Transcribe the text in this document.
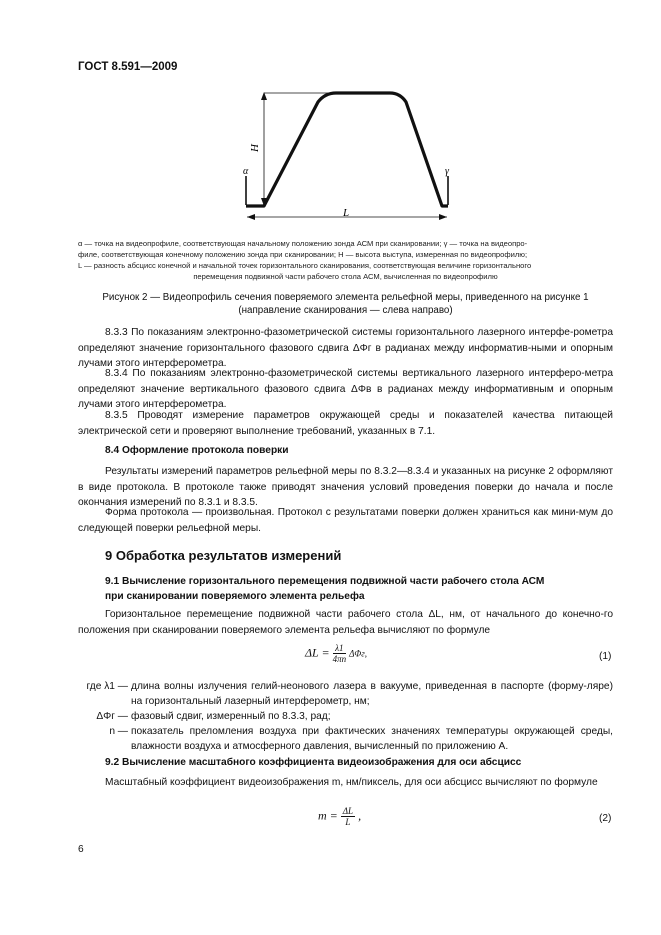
ГОСТ 8.591—2009
H
L
α	γ
α — точка на видеопрофиле, соответствующая начальному положению зонда АСМ при сканировании; γ — точка на видеопро-
филе, соответствующая конечному положению зонда при сканировании; H — высота выступа, измеренная по видеопрофилю;
L — разность абсцисс конечной и начальной точек горизонтального сканирования, соответствующая величине горизонтального
перемещения подвижной части рабочего стола АСМ, вычисленная по видеопрофилю
Рисунок 2 — Видеопрофиль сечения поверяемого элемента рельефной меры, приведенного на рисунке 1
(направление сканирования — слева направо)
8.3.3 По показаниям электронно-фазометрической системы горизонтального лазерного интерфе-рометра определяют значение горизонтального фазового сдвига ΔΦг в радианах между информатив-ными и опорным лучами этого интерферометра.
8.3.4 По показаниям электронно-фазометрической системы вертикального лазерного интерферо-метра определяют значение вертикального фазового сдвига ΔΦв в радианах между информативным и опорным лучами этого интерферометра.
8.3.5 Проводят измерение параметров окружающей среды и показателей качества питающей электрической сети и проверяют выполнение требований, указанных в 7.1.
8.4 Оформление протокола поверки
Результаты измерений параметров рельефной меры по 8.3.2—8.3.4 и указанных на рисунке 2 оформляют в виде протокола. В протоколе также приводят значения условий проведения поверки до начала и после окончания измерений по 8.3.1 и 8.3.5.
Форма протокола — произвольная. Протокол с результатами поверки должен храниться как мини-мум до следующей поверки рельефной меры.
9 Обработка результатов измерений
9.1 Вычисление горизонтального перемещения подвижной части рабочего стола АСМ
при сканировании поверяемого элемента рельефа
Горизонтальное перемещение подвижной части рабочего стола ΔL, нм, от начального до конечно-го положения при сканировании поверяемого элемента рельефа вычисляют по формуле
$\Delta L = \frac{\lambda 1}{4\pi n} \Delta\Phi г$,	(1)
где λ1 — длина волны излучения гелий-неонового лазера в вакууме, приведенная в паспорте (форму-ляре) на горизонтальный лазерный интерферометр, нм;
ΔΦг — фазовый сдвиг, измеренный по 8.3.3, рад;
n — показатель преломления воздуха при фактических значениях температуры окружающей среды, влажности воздуха и атмосферного давления, вычисленный по приложению А.
9.2 Вычисление масштабного коэффициента видеоизображения для оси абсцисс
Масштабный коэффициент видеоизображения m, нм/пиксель, для оси абсцисс вычисляют по формуле
$m = \frac{\Delta L}{L}$ ,	(2)
6
